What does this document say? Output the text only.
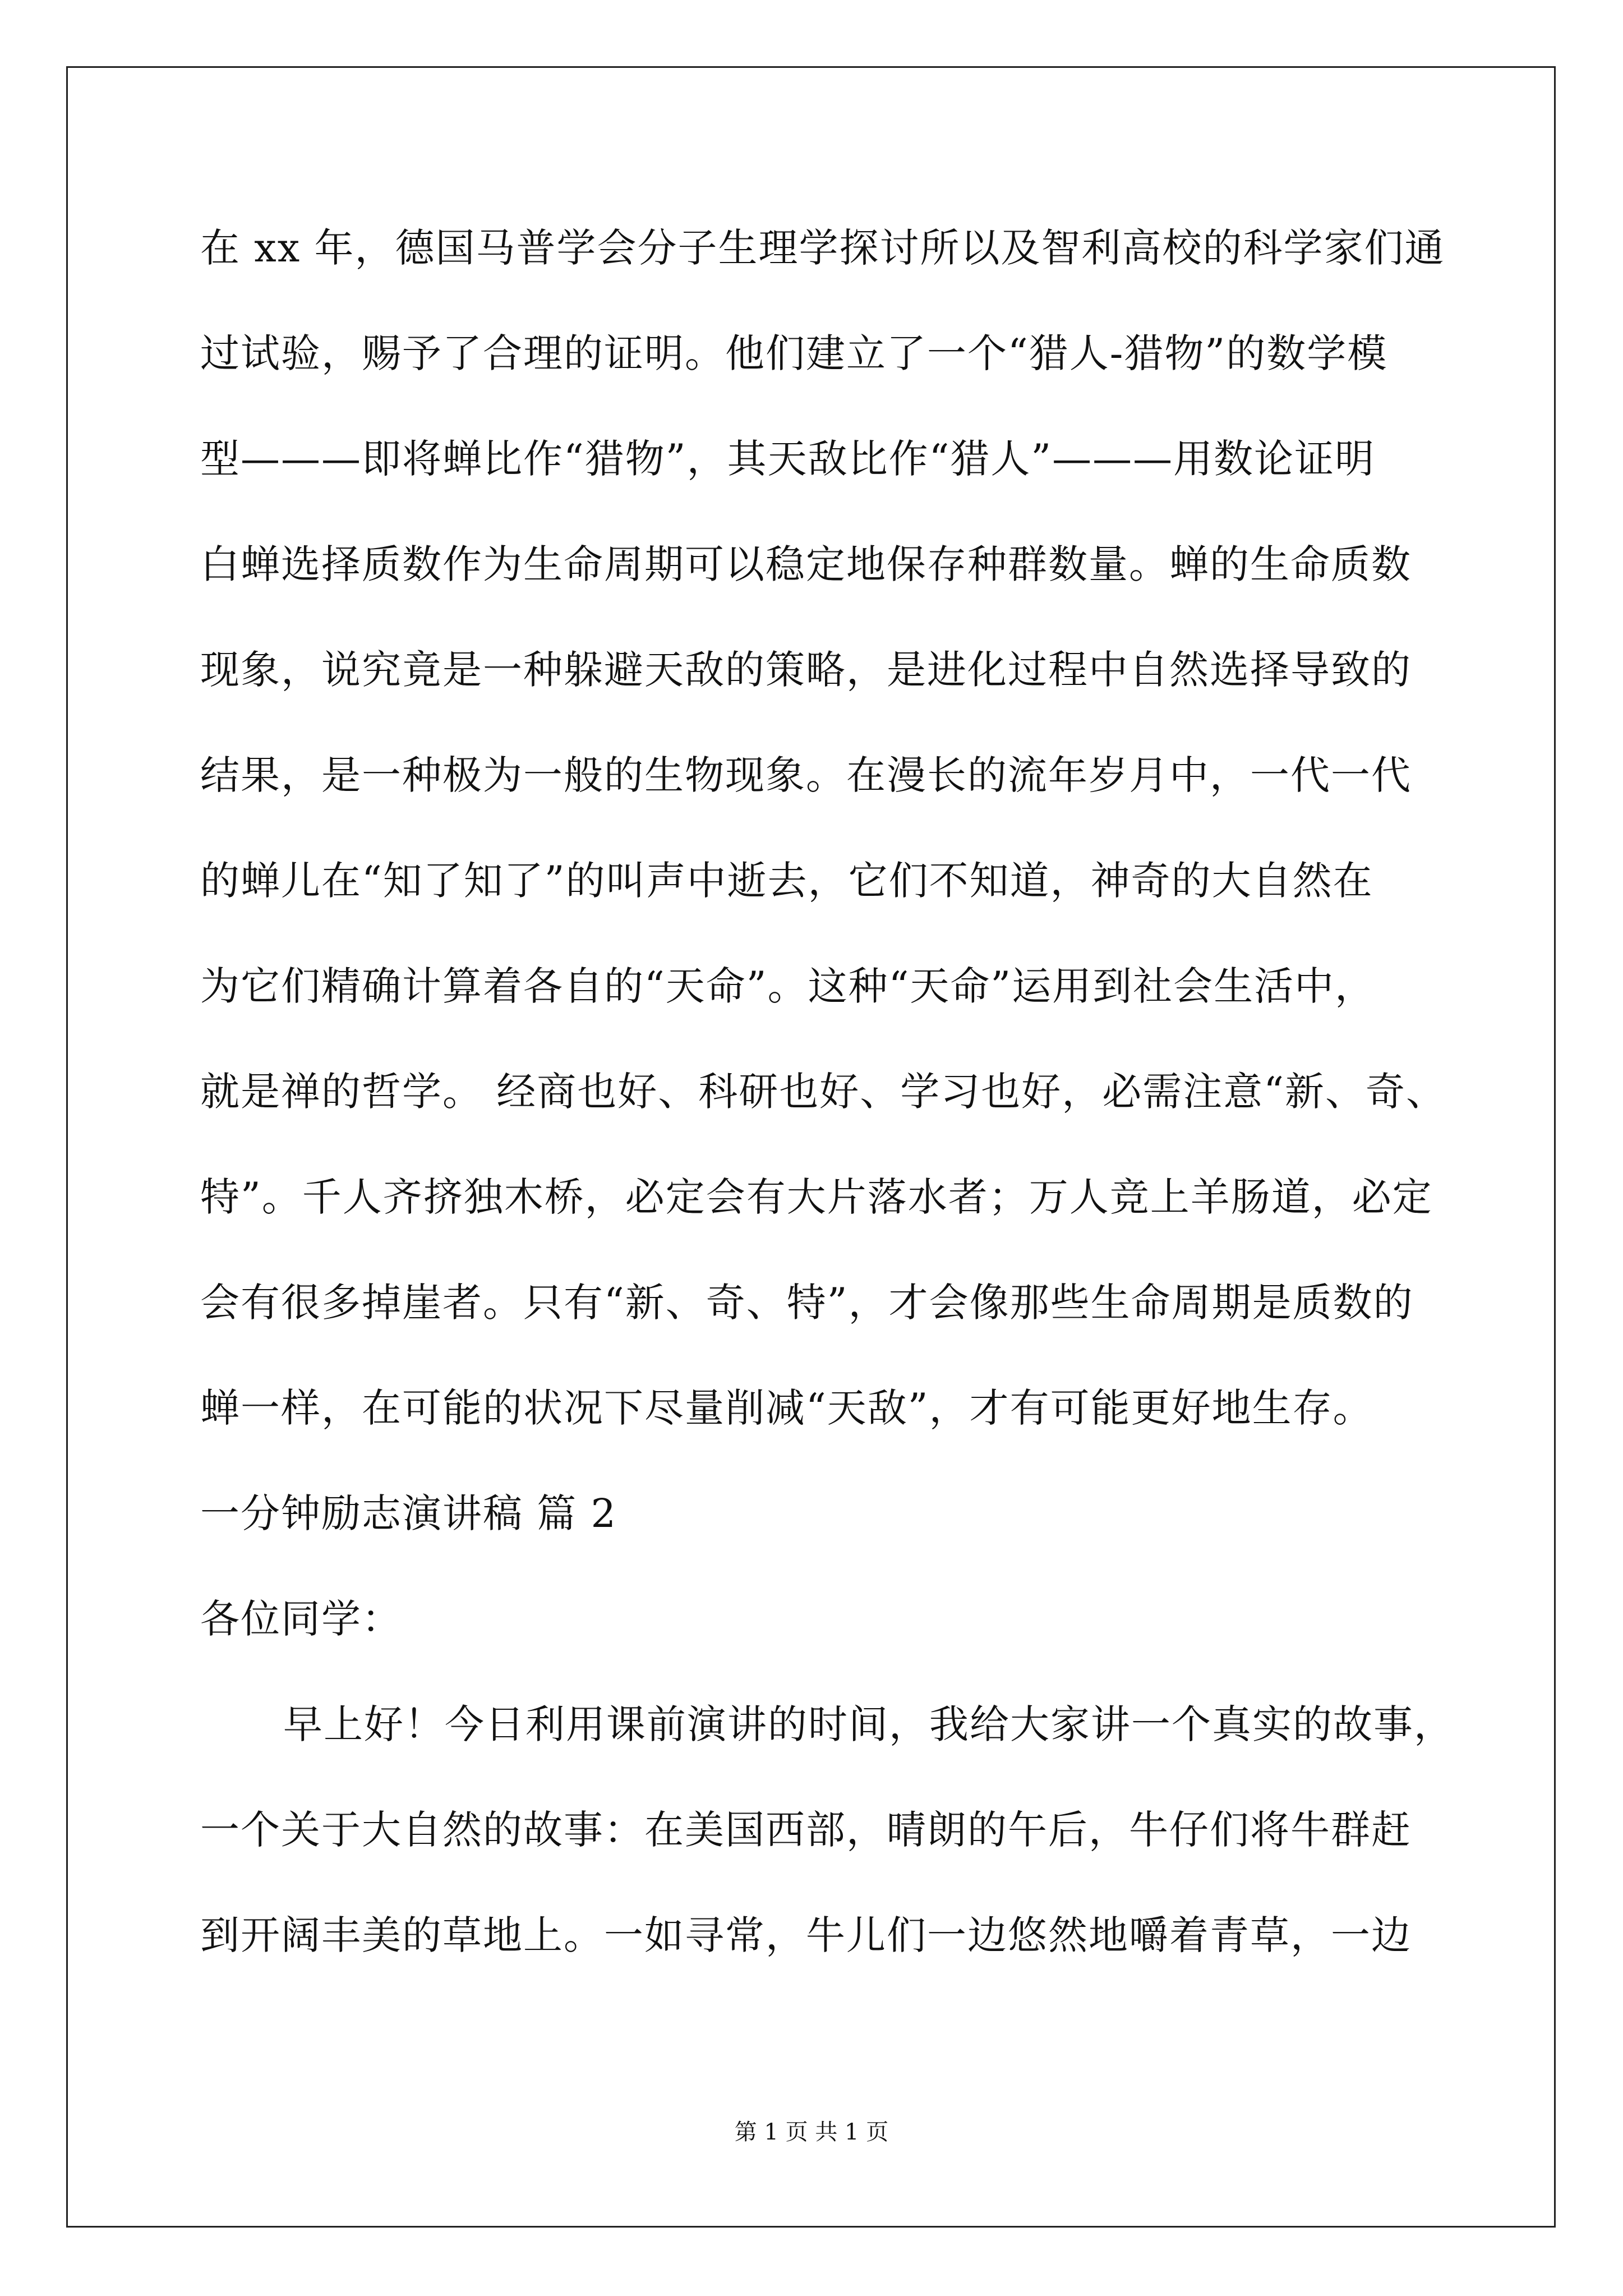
在 xx 年，德国马普学会分子生理学探讨所以及智利高校的科学家们通
过试验，赐予了合理的证明。他们建立了一个“猎人-猎物”的数学模
型———即将蝉比作“猎物”，其天敌比作“猎人”———用数论证明
白蝉选择质数作为生命周期可以稳定地保存种群数量。蝉的生命质数
现象，说究竟是一种躲避天敌的策略，是进化过程中自然选择导致的
结果，是一种极为一般的生物现象。在漫长的流年岁月中，一代一代
的蝉儿在“知了知了”的叫声中逝去，它们不知道，神奇的大自然在
为它们精确计算着各自的“天命”。这种“天命”运用到社会生活中，
就是禅的哲学。 经商也好、科研也好、学习也好，必需注意“新、奇、
特”。千人齐挤独木桥，必定会有大片落水者；万人竞上羊肠道，必定
会有很多掉崖者。只有“新、奇、特”，才会像那些生命周期是质数的
蝉一样，在可能的状况下尽量削减“天敌”，才有可能更好地生存。
一分钟励志演讲稿 篇 2
各位同学：
早上好！今日利用课前演讲的时间，我给大家讲一个真实的故事，
一个关于大自然的故事：在美国西部，晴朗的午后，牛仔们将牛群赶
到开阔丰美的草地上。一如寻常，牛儿们一边悠然地嚼着青草，一边
第 1 页 共 1 页
